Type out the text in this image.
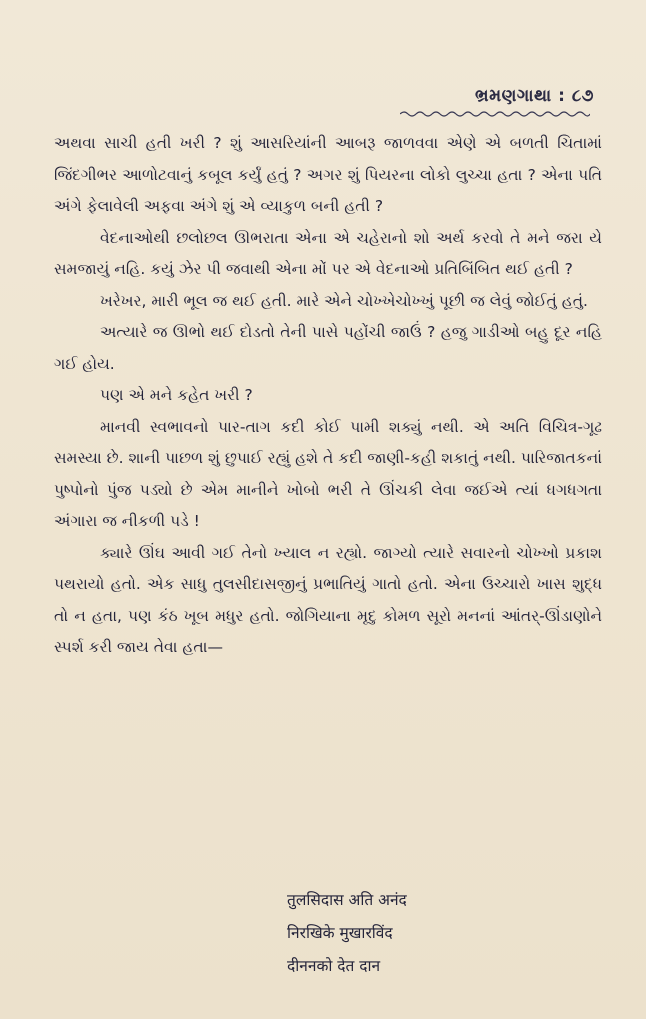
ભ્રમણગાથા : ૮૭

અથવા સાચી હતી ખરી ? શું આસરિયાંની આબરૂ જાળવવા એણે એ બળતી ચિતામાં જિંદગીભર આળોટવાનું કબૂલ કર્યું હતું ? અગર શું પિયરના લોકો લુચ્ચા હતા ? એના પતિ અંગે ફેલાવેલી અફવા અંગે શું એ વ્યાકુળ બની હતી ?

વેદનાઓથી છલોછલ ઊભરાતા એના એ ચહેરાનો શો અર્થ કરવો તે મને જરા યે સમજાયું નહિ. કયું ઝેર પી જવાથી એના મોં પર એ વેદનાઓ પ્રતિબિંબિત થઈ હતી ?

ખરેખર, મારી ભૂલ જ થઈ હતી. મારે એને ચોખ્ખેચોખ્ખું પૂછી જ લેવું જોઈતું હતું.

અત્યારે જ ઊભો થઈ દોડતો તેની પાસે પહોંચી જાઉં ? હજુ ગાડીઓ બહુ દૂર નહિ ગઈ હોય.

પણ એ મને કહેત ખરી ?

માનવી સ્વભાવનો પાર-તાગ કદી કોઈ પામી શક્યું નથી. એ અતિ વિચિત્ર-ગૂઢ સમસ્યા છે. શાની પાછળ શું છુપાઈ રહ્યું હશે તે કદી જાણી-કહી શકાતું નથી. પારિજાતકનાં પુષ્પોનો પુંજ પડ્યો છે એમ માનીને ખોબો ભરી તે ઊંચકી લેવા જઈએ ત્યાં ધગધગતા અંગારા જ નીકળી પડે !

ક્યારે ઊંઘ આવી ગઈ તેનો ખ્યાલ ન રહ્યો. જાગ્યો ત્યારે સવારનો ચોખ્ખો પ્રકાશ પથરાયો હતો. એક સાધુ તુલસીદાસજીનું પ્રભાતિયું ગાતો હતો. એના ઉચ્ચારો ખાસ શુદ્ધ તો ન હતા, પણ કંઠ ખૂબ મધુર હતો. જોગિયાના મૃદુ કોમળ સૂરો મનનાં આંતર્-ઊંડાણોને સ્પર્શ કરી જાય તેવા હતા—

तुलसिदास अति अनंद
निरखिके मुखारविंद
दीननको देत दान
